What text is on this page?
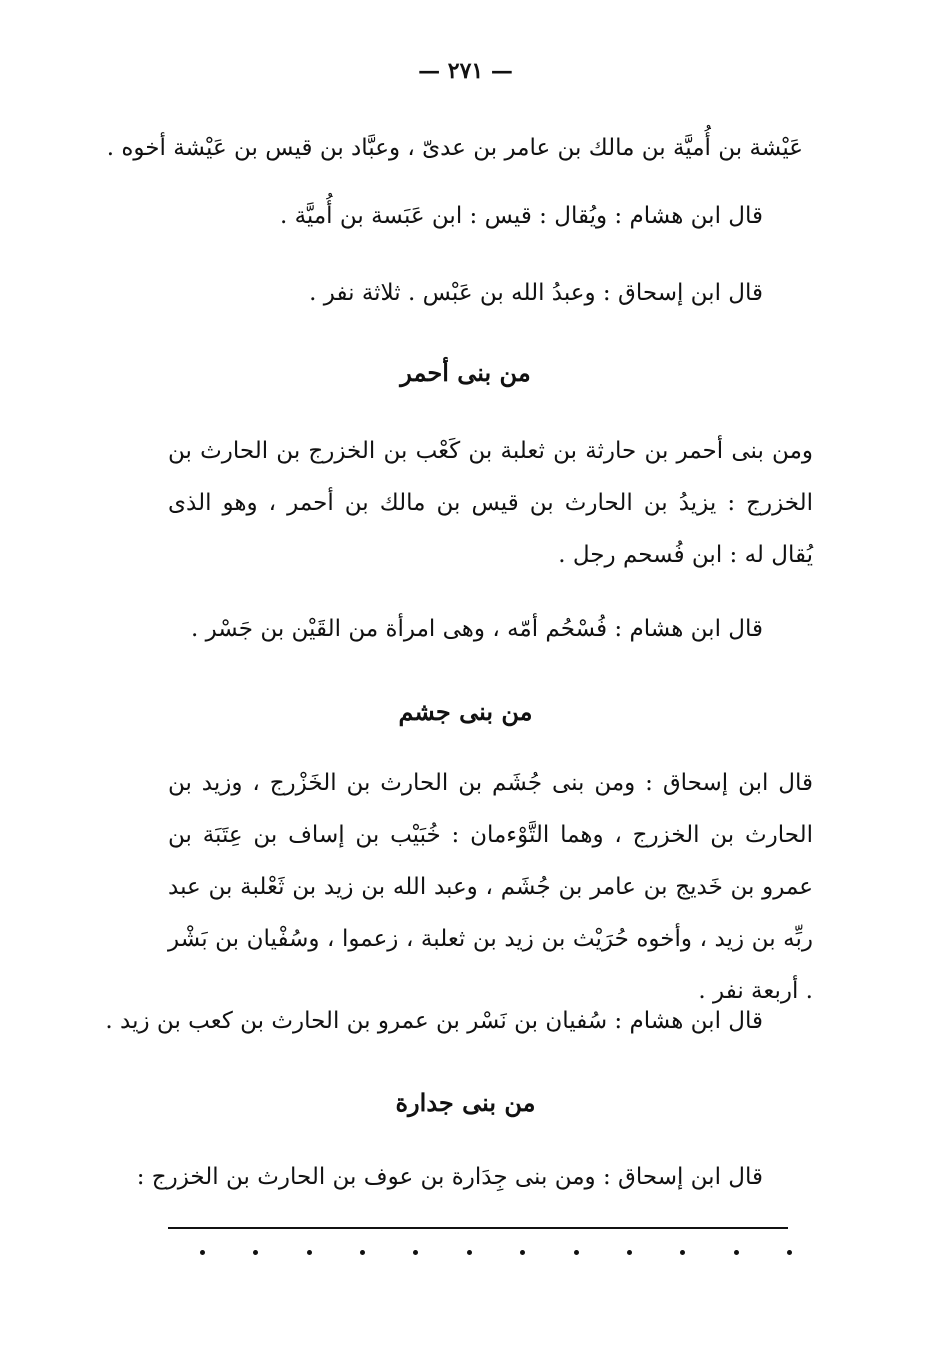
— ٢٧١ —
عَيْشة بن أُميَّة بن مالك بن عامر بن عدىّ ، وعبَّاد بن قيس بن عَيْشة أخوه .
قال ابن هشام : ويُقال : قيس : ابن عَبَسة بن أُميَّة .
قال ابن إسحاق : وعبدُ الله بن عَبْس . ثلاثة نفر .
من بنى أحمر
ومن بنى أحمر بن حارثة بن ثعلبة بن كَعْب بن الخزرج بن الحارث بن الخزرج : يزيدُ بن الحارث بن قيس بن مالك بن أحمر ، وهو الذى يُقال له : ابن فُسحم رجل .
قال ابن هشام : فُسْحُم أمّه ، وهى امرأة من القَيْن بن جَسْر .
من بنى جشم
قال ابن إسحاق : ومن بنى جُشَم بن الحارث بن الخَزْرج ، وزيد بن الحارث بن الخزرج ، وهما التَّوْءمان : خُبَيْب بن إساف بن عِتَبَة بن عمرو بن خَديج بن عامر بن جُشَم ، وعبد الله بن زيد بن ثَعْلبة بن عبد ربِّه بن زيد ، وأخوه حُرَيْث بن زيد بن ثعلبة ، زعموا ، وسُفْيان بن بَشْر . أربعة نفر .
قال ابن هشام : سُفيان بن نَسْر بن عمرو بن الحارث بن كعب بن زيد .
من بنى جدارة
قال ابن إسحاق : ومن بنى جِدَارة بن عوف بن الحارث بن الخزرج :
